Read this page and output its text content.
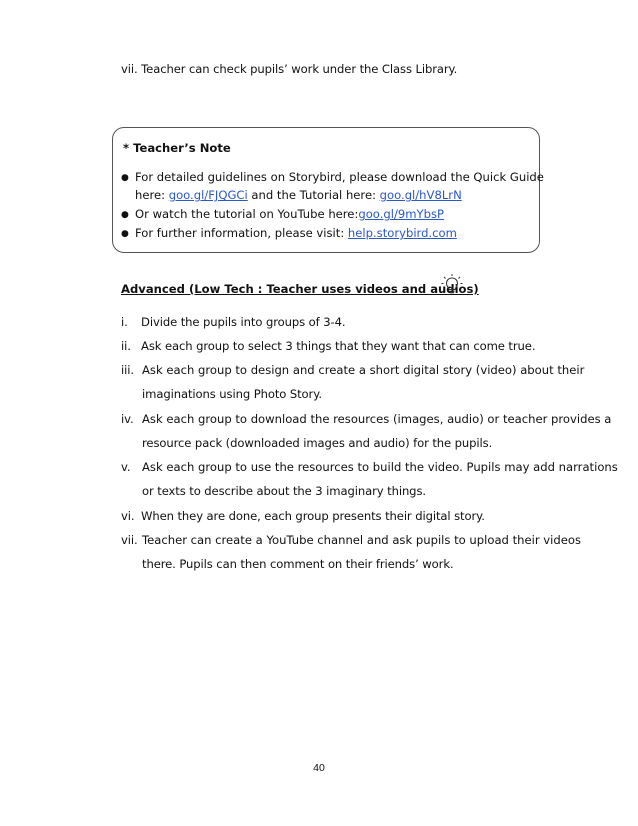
vii. Teacher can check pupils’ work under the Class Library.
* Teacher’s Note
● For detailed guidelines on Storybird, please download the Quick Guide
here: goo.gl/FJQGCi and the Tutorial here: goo.gl/hV8LrN
● Or watch the tutorial on YouTube here:goo.gl/9mYbsP
● For further information, please visit: help.storybird.com
Advanced (Low Tech : Teacher uses videos and audios)
i. Divide the pupils into groups of 3-4.
ii. Ask each group to select 3 things that they want that can come true.
iii. Ask each group to design and create a short digital story (video) about their
imaginations using Photo Story.
iv. Ask each group to download the resources (images, audio) or teacher provides a
resource pack (downloaded images and audio) for the pupils.
v. Ask each group to use the resources to build the video. Pupils may add narrations
or texts to describe about the 3 imaginary things.
vi. When they are done, each group presents their digital story.
vii. Teacher can create a YouTube channel and ask pupils to upload their videos
there. Pupils can then comment on their friends’ work.
40
